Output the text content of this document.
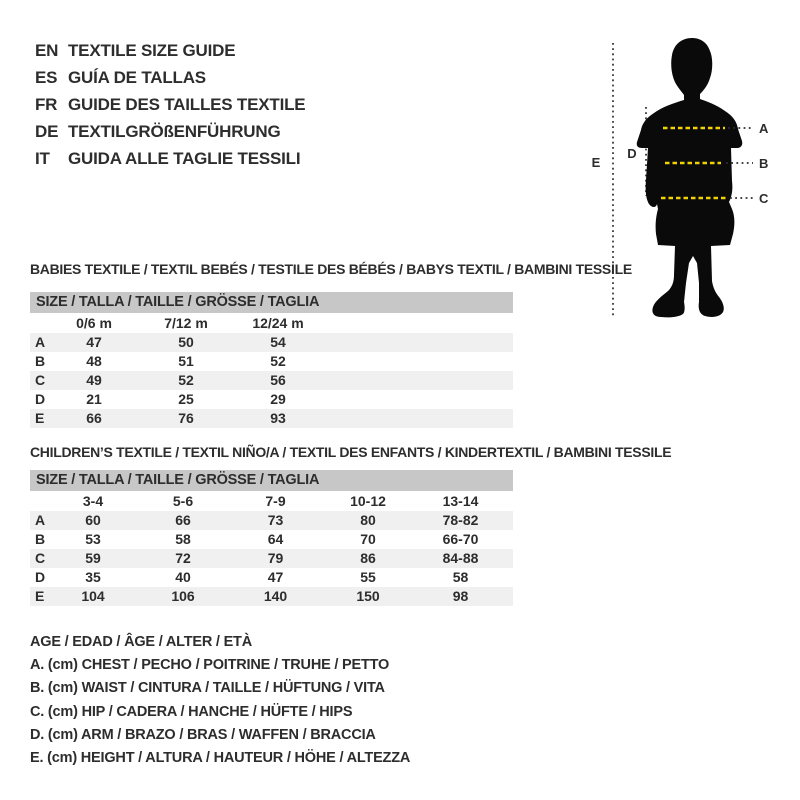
EN TEXTILE SIZE GUIDE
ES GUÍA DE TALLAS
FR GUIDE DES TAILLES TEXTILE
DE TEXTILGRÖßENFÜHRUNG
IT	GUIDA ALLE TAGLIE TESSILI	E
D
A
B
C
BABIES TEXTILE / TEXTIL BEBÉS / TESTILE DES BÉBÉS / BABYS TEXTIL / BAMBINI TESSILE
SIZE / TALLA / TAILLE / GRÖSSE / TAGLIA
0/6 m	7/12 m	12/24 m
A	47	50	54
B	48	51	52
C	49	52	56
D	21	25	29
E	66	76	93
CHILDREN’S TEXTILE / TEXTIL NIÑO/A / TEXTIL DES ENFANTS / KINDERTEXTIL / BAMBINI TESSILE
SIZE / TALLA / TAILLE / GRÖSSE / TAGLIA
3-4	5-6	7-9	10-12	13-14
A	60	66	73	80	78-82
B	53	58	64	70	66-70
C	59	72	79	86	84-88
D	35	40	47	55	58
E	104	106	140	150	98
AGE / EDAD / ÂGE / ALTER / ETÀ
A. (cm) CHEST / PECHO / POITRINE / TRUHE / PETTO
B. (cm) WAIST / CINTURA / TAILLE / HÜFTUNG / VITA
C. (cm) HIP / CADERA / HANCHE / HÜFTE / HIPS
D. (cm) ARM / BRAZO / BRAS / WAFFEN / BRACCIA
E. (cm) HEIGHT / ALTURA / HAUTEUR / HÖHE / ALTEZZA
